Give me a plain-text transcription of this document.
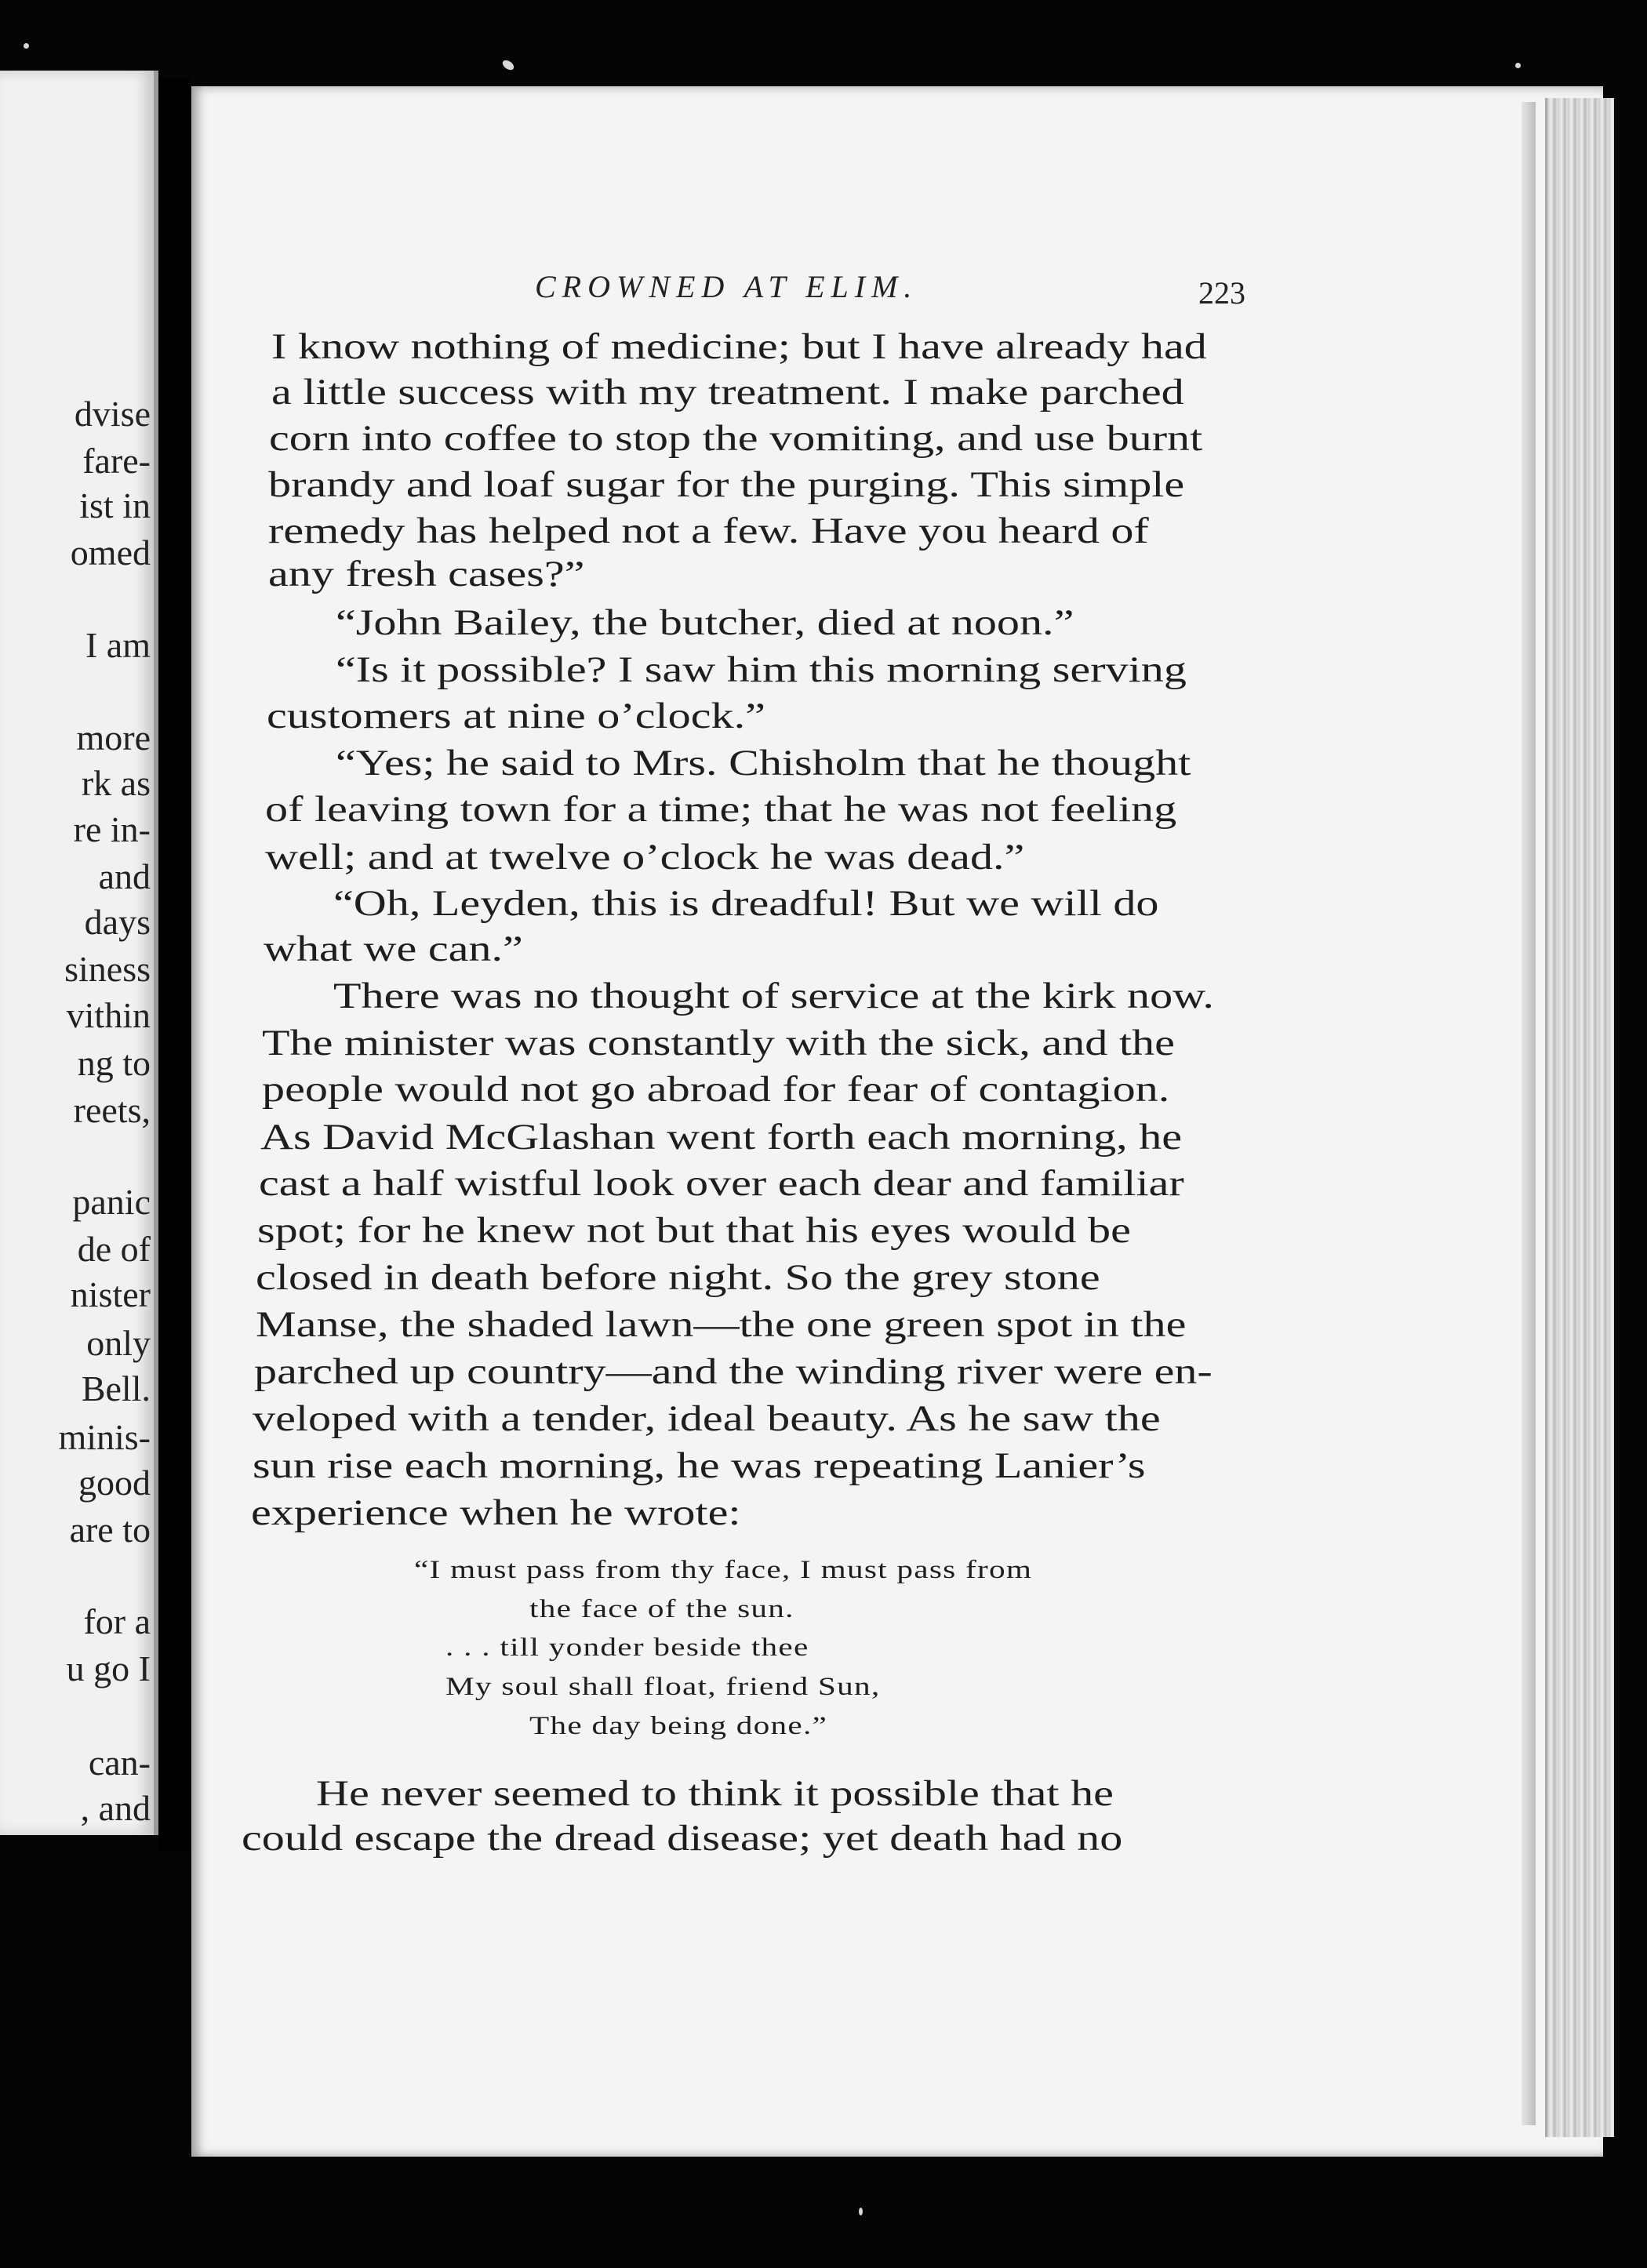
dvise
fare-
ist in
omed
I am
more
rk as
re in-
and
days
siness
vithin
ng to
reets,
panic
de of
nister
only
Bell.
minis-
good
are to
for a
u go I
can-
, and
CROWNED AT ELIM.	223
I know nothing of medicine; but I have already had
a little success with my treatment. I make parched
corn into coffee to stop the vomiting, and use burnt
brandy and loaf sugar for the purging. This simple
remedy has helped not a few. Have you heard of
any fresh cases?”
“John Bailey, the butcher, died at noon.”
“Is it possible? I saw him this morning serving
customers at nine o’clock.”
“Yes; he said to Mrs. Chisholm that he thought
of leaving town for a time; that he was not feeling
well; and at twelve o’clock he was dead.”
“Oh, Leyden, this is dreadful! But we will do
what we can.”
There was no thought of service at the kirk now.
The minister was constantly with the sick, and the
people would not go abroad for fear of contagion.
As David McGlashan went forth each morning, he
cast a half wistful look over each dear and familiar
spot; for he knew not but that his eyes would be
closed in death before night. So the grey stone
Manse, the shaded lawn—the one green spot in the
parched up country—and the winding river were en-
veloped with a tender, ideal beauty. As he saw the
sun rise each morning, he was repeating Lanier’s
experience when he wrote:
“I must pass from thy face, I must pass from
the face of the sun.
. . . till yonder beside thee
My soul shall float, friend Sun,
The day being done.”
He never seemed to think it possible that he
could escape the dread disease; yet death had no
